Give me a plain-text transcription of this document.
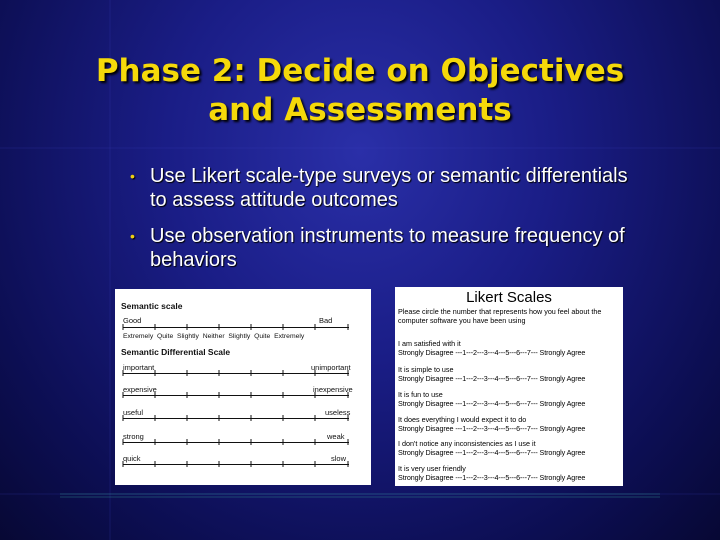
Phase 2: Decide on Objectives
and Assessments
• Use Likert scale-type surveys or semantic differentials to assess attitude outcomes
• Use observation instruments to measure frequency of behaviors
Semantic scale
Good	Bad
Extremely  Quite  Slightly  Neither  Slightly  Quite  Extremely
Semantic Differential Scale
important	unimportant
expensive	inexpensive
useful	useless
strong	weak
quick	slow
Likert Scales
Please circle the number that represents how you feel about the computer software you have been using
I am satisfied with it
Strongly Disagree ---1---2---3---4---5---6---7--- Strongly Agree
It is simple to use
Strongly Disagree ---1---2---3---4---5---6---7--- Strongly Agree
It is fun to use
Strongly Disagree ---1---2---3---4---5---6---7--- Strongly Agree
It does everything I would expect it to do
Strongly Disagree ---1---2---3---4---5---6---7--- Strongly Agree
I don't notice any inconsistencies as I use it
Strongly Disagree ---1---2---3---4---5---6---7--- Strongly Agree
It is very user friendly
Strongly Disagree ---1---2---3---4---5---6---7--- Strongly Agree
